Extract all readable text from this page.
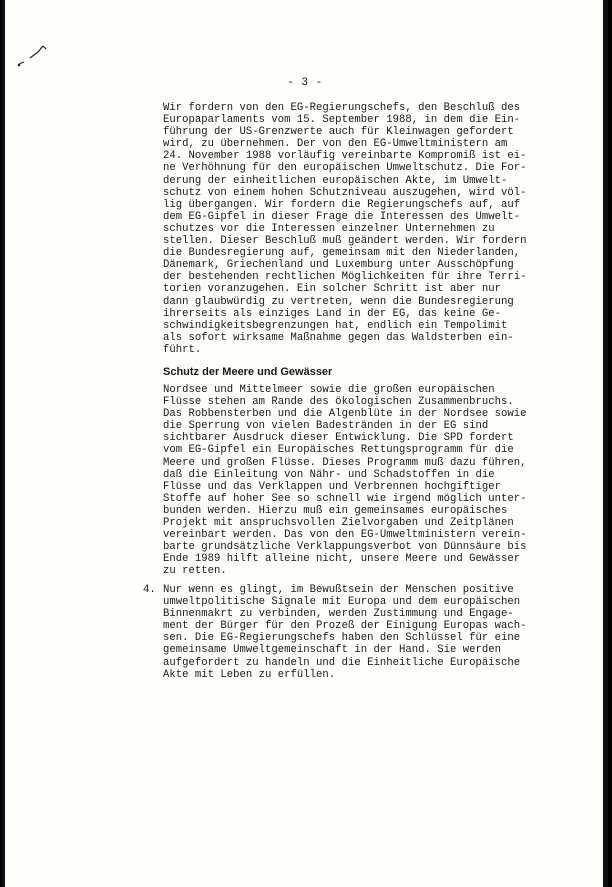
- 3 -
Wir fordern von den EG-Regierungschefs, den Beschluß des
Europaparlaments vom 15. September 1988, in dem die Ein-
führung der US-Grenzwerte auch für Kleinwagen gefordert
wird, zu übernehmen. Der von den EG-Umweltministern am
24. November 1988 vorläufig vereinbarte Kompromiß ist ei-
ne Verhöhnung für den europäischen Umweltschutz. Die For-
derung der einheitlichen europäischen Akte, im Umwelt-
schutz von einem hohen Schutzniveau auszugehen, wird völ-
lig übergangen. Wir fordern die Regierungschefs auf, auf
dem EG-Gipfel in dieser Frage die Interessen des Umwelt-
schutzes vor die Interessen einzelner Unternehmen zu
stellen. Dieser Beschluß muß geändert werden. Wir fordern
die Bundesregierung auf, gemeinsam mit den Niederlanden,
Dänemark, Griechenland und Luxemburg unter Ausschöpfung
der bestehenden rechtlichen Möglichkeiten für ihre Terri-
torien voranzugehen. Ein solcher Schritt ist aber nur
dann glaubwürdig zu vertreten, wenn die Bundesregierung
ihrerseits als einziges Land in der EG, das keine Ge-
schwindigkeitsbegrenzungen hat, endlich ein Tempolimit
als sofort wirksame Maßnahme gegen das Waldsterben ein-
führt.
Schutz der Meere und Gewässer
Nordsee und Mittelmeer sowie die großen europäischen
Flüsse stehen am Rande des ökologischen Zusammenbruchs.
Das Robbensterben und die Algenblüte in der Nordsee sowie
die Sperrung von vielen Badestränden in der EG sind
sichtbarer Ausdruck dieser Entwicklung. Die SPD fordert
vom EG-Gipfel ein Europäisches Rettungsprogramm für die
Meere und großen Flüsse. Dieses Programm muß dazu führen,
daß die Einleitung von Nähr- und Schadstoffen in die
Flüsse und das Verklappen und Verbrennen hochgiftiger
Stoffe auf hoher See so schnell wie irgend möglich unter-
bunden werden. Hierzu muß ein gemeinsames europäisches
Projekt mit anspruchsvollen Zielvorgaben und Zeitplänen
vereinbart werden. Das von den EG-Umweltministern verein-
barte grundsätzliche Verklappungsverbot von Dünnsäure bis
Ende 1989 hilft alleine nicht, unsere Meere und Gewässer
zu retten.
4. Nur wenn es glingt, im Bewußtsein der Menschen positive
umweltpolitische Signale mit Europa und dem europäischen
Binnenmakrt zu verbinden, werden Zustimmung und Engage-
ment der Bürger für den Prozeß der Einigung Europas wach-
sen. Die EG-Regierungschefs haben den Schlüssel für eine
gemeinsame Umweltgemeinschaft in der Hand. Sie werden
aufgefordert zu handeln und die Einheitliche Europäische
Akte mit Leben zu erfüllen.
